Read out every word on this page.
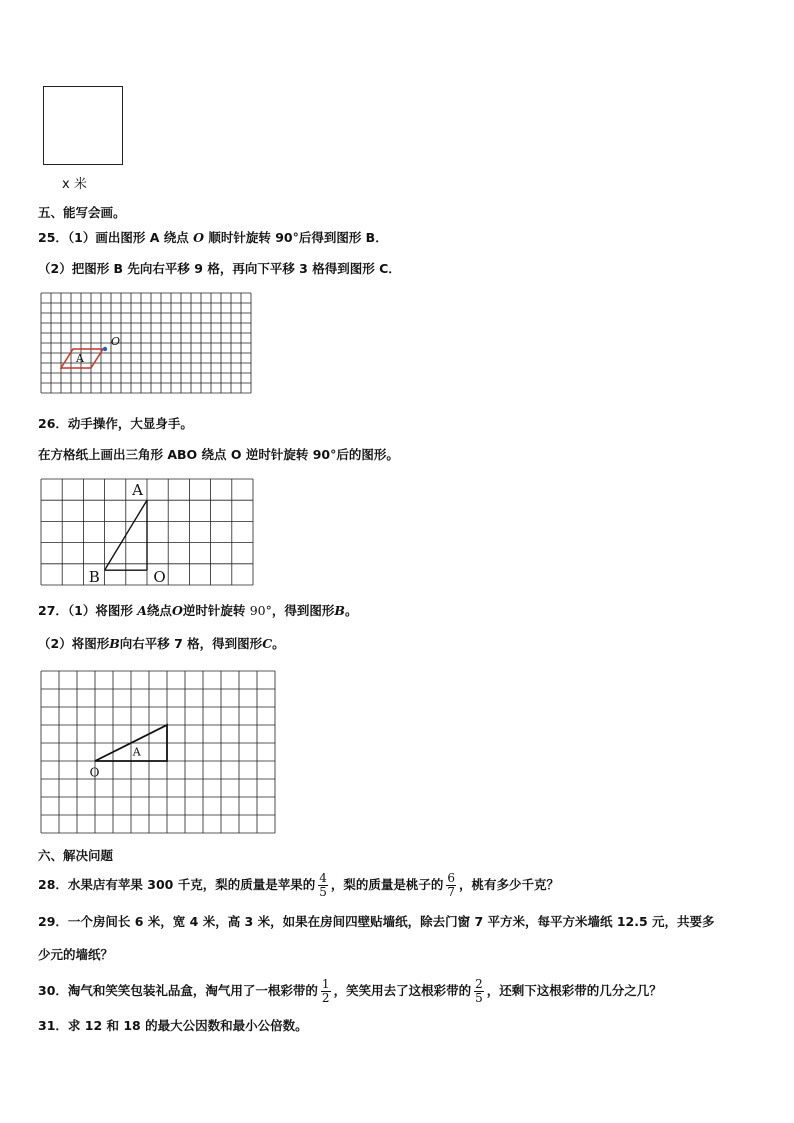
x 米
五、能写会画。
25．（1）画出图形 A 绕点 O 顺时针旋转 90°后得到图形 B．
（2）把图形 B 先向右平移 9 格，再向下平移 3 格得到图形 C．
A
O
26．动手操作，大显身手。
在方格纸上画出三角形 ABO 绕点 O 逆时针旋转 90°后的图形。
A
B	O
27．（1）将图形 A绕点O逆时针旋转 90°，得到图形B。
（2）将图形B向右平移 7 格，得到图形C。
A
O
六、解决问题
28．水果店有苹果 300 千克，梨的质量是苹果的 $\frac{4}{5}$ ，梨的质量是桃子的 $\frac{6}{7}$ ，桃有多少千克？
29．一个房间长 6 米，宽 4 米，高 3 米，如果在房间四壁贴墙纸，除去门窗 7 平方米，每平方米墙纸 12.5 元，共要多
少元的墙纸？
30．淘气和笑笑包装礼品盒，淘气用了一根彩带的 $\frac{1}{2}$ ，笑笑用去了这根彩带的 $\frac{2}{5}$ ，还剩下这根彩带的几分之几？
31．求 12 和 18 的最大公因数和最小公倍数。
